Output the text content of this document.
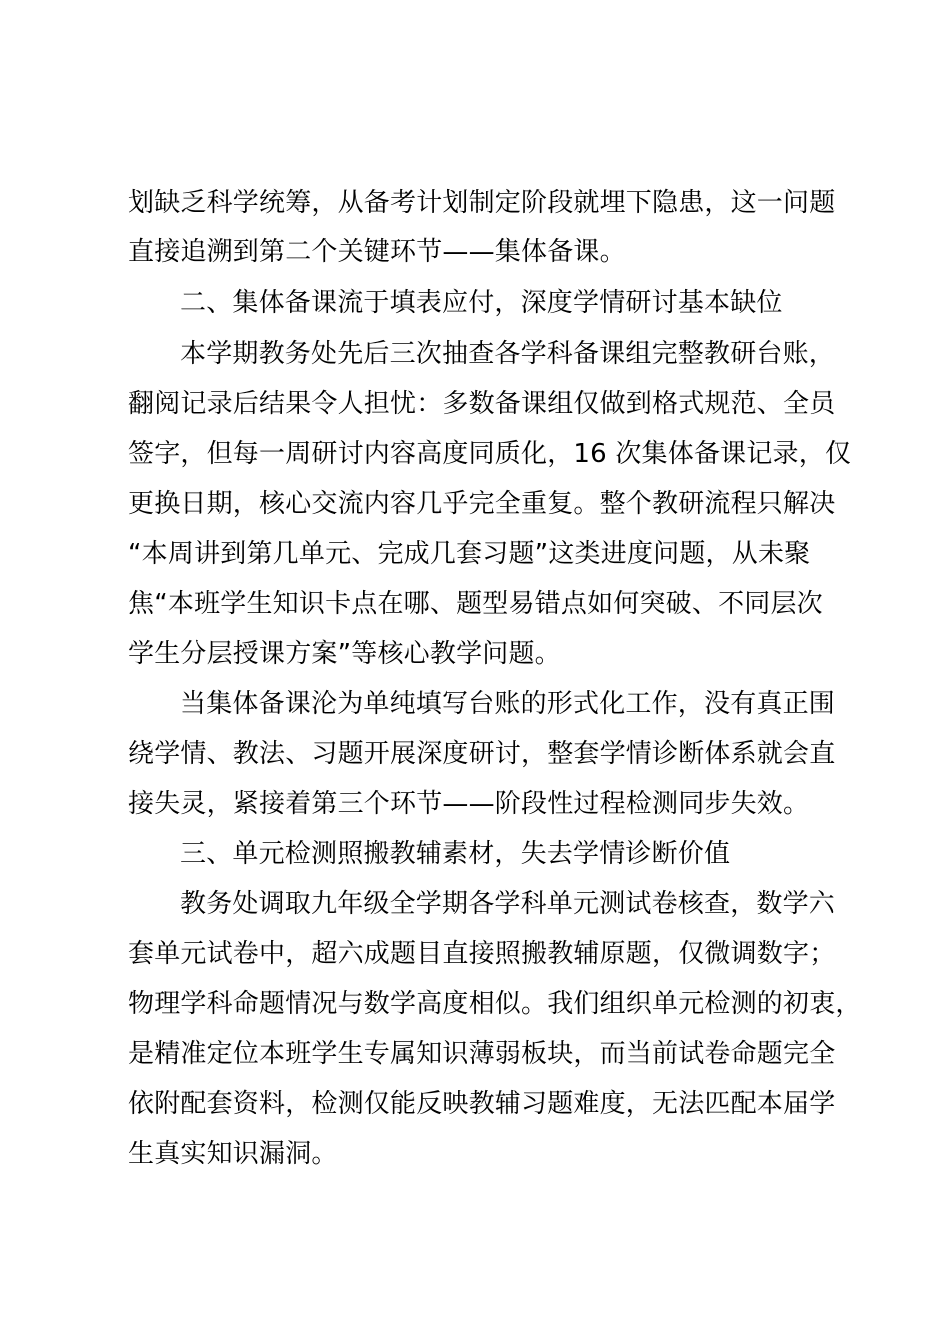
划缺乏科学统筹，从备考计划制定阶段就埋下隐患，这一问题
直接追溯到第二个关键环节——集体备课。
二、集体备课流于填表应付，深度学情研讨基本缺位
本学期教务处先后三次抽查各学科备课组完整教研台账，
翻阅记录后结果令人担忧：多数备课组仅做到格式规范、全员
签字，但每一周研讨内容高度同质化，16 次集体备课记录，仅
更换日期，核心交流内容几乎完全重复。整个教研流程只解决
“本周讲到第几单元、完成几套习题”这类进度问题，从未聚
焦“本班学生知识卡点在哪、题型易错点如何突破、不同层次
学生分层授课方案”等核心教学问题。
当集体备课沦为单纯填写台账的形式化工作，没有真正围
绕学情、教法、习题开展深度研讨，整套学情诊断体系就会直
接失灵，紧接着第三个环节——阶段性过程检测同步失效。
三、单元检测照搬教辅素材，失去学情诊断价值
教务处调取九年级全学期各学科单元测试卷核查，数学六
套单元试卷中，超六成题目直接照搬教辅原题，仅微调数字；
物理学科命题情况与数学高度相似。我们组织单元检测的初衷，
是精准定位本班学生专属知识薄弱板块，而当前试卷命题完全
依附配套资料，检测仅能反映教辅习题难度，无法匹配本届学
生真实知识漏洞。
